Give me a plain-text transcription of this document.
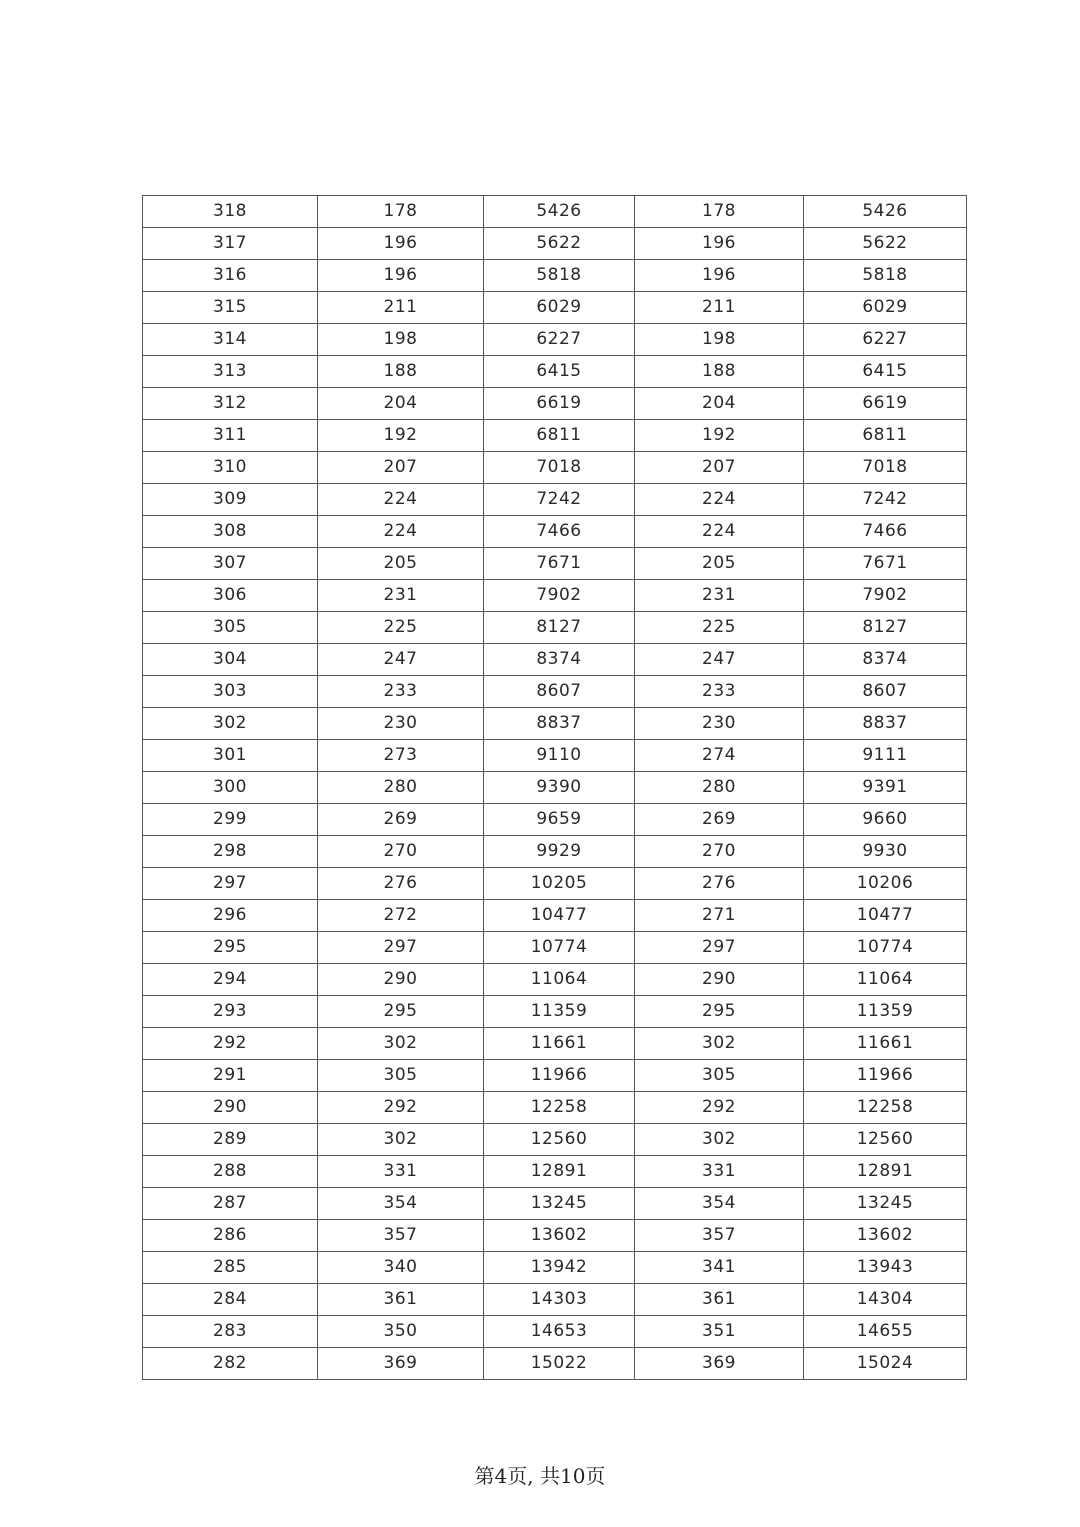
318	178	5426	178	5426
317	196	5622	196	5622
316	196	5818	196	5818
315	211	6029	211	6029
314	198	6227	198	6227
313	188	6415	188	6415
312	204	6619	204	6619
311	192	6811	192	6811
310	207	7018	207	7018
309	224	7242	224	7242
308	224	7466	224	7466
307	205	7671	205	7671
306	231	7902	231	7902
305	225	8127	225	8127
304	247	8374	247	8374
303	233	8607	233	8607
302	230	8837	230	8837
301	273	9110	274	9111
300	280	9390	280	9391
299	269	9659	269	9660
298	270	9929	270	9930
297	276	10205	276	10206
296	272	10477	271	10477
295	297	10774	297	10774
294	290	11064	290	11064
293	295	11359	295	11359
292	302	11661	302	11661
291	305	11966	305	11966
290	292	12258	292	12258
289	302	12560	302	12560
288	331	12891	331	12891
287	354	13245	354	13245
286	357	13602	357	13602
285	340	13942	341	13943
284	361	14303	361	14304
283	350	14653	351	14655
282	369	15022	369	15024
第4页, 共10页
